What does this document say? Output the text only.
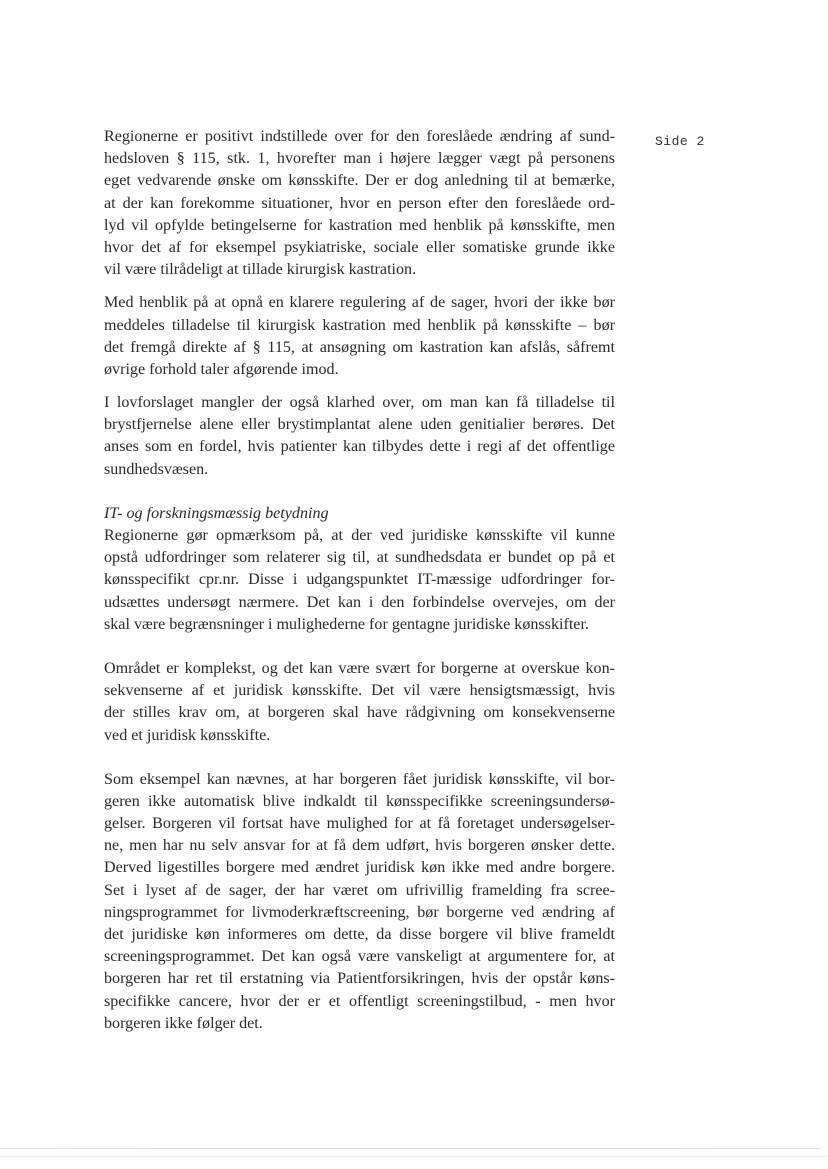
Side 2
Regionerne er positivt indstillede over for den foreslåede ændring af sund-
hedsloven § 115, stk. 1, hvorefter man i højere lægger vægt på personens
eget vedvarende ønske om kønsskifte. Der er dog anledning til at bemærke,
at der kan forekomme situationer, hvor en person efter den foreslåede ord-
lyd vil opfylde betingelserne for kastration med henblik på kønsskifte, men
hvor det af for eksempel psykiatriske, sociale eller somatiske grunde ikke
vil være tilrådeligt at tillade kirurgisk kastration.
Med henblik på at opnå en klarere regulering af de sager, hvori der ikke bør
meddeles tilladelse til kirurgisk kastration med henblik på kønsskifte – bør
det fremgå direkte af § 115, at ansøgning om kastration kan afslås, såfremt
øvrige forhold taler afgørende imod.
I lovforslaget mangler der også klarhed over, om man kan få tilladelse til
brystfjernelse alene eller brystimplantat alene uden genitialier berøres. Det
anses som en fordel, hvis patienter kan tilbydes dette i regi af det offentlige
sundhedsvæsen.
IT- og forskningsmæssig betydning
Regionerne gør opmærksom på, at der ved juridiske kønsskifte vil kunne
opstå udfordringer som relaterer sig til, at sundhedsdata er bundet op på et
kønsspecifikt cpr.nr. Disse i udgangspunktet IT-mæssige udfordringer for-
udsættes undersøgt nærmere. Det kan i den forbindelse overvejes, om der
skal være begrænsninger i mulighederne for gentagne juridiske kønsskifter.
Området er komplekst, og det kan være svært for borgerne at overskue kon-
sekvenserne af et juridisk kønsskifte. Det vil være hensigtsmæssigt, hvis
der stilles krav om, at borgeren skal have rådgivning om konsekvenserne
ved et juridisk kønsskifte.
Som eksempel kan nævnes, at har borgeren fået juridisk kønsskifte, vil bor-
geren ikke automatisk blive indkaldt til kønsspecifikke screeningsundersø-
gelser. Borgeren vil fortsat have mulighed for at få foretaget undersøgelser-
ne, men har nu selv ansvar for at få dem udført, hvis borgeren ønsker dette.
Derved ligestilles borgere med ændret juridisk køn ikke med andre borgere.
Set i lyset af de sager, der har været om ufrivillig framelding fra scree-
ningsprogrammet for livmoderkræftscreening, bør borgerne ved ændring af
det juridiske køn informeres om dette, da disse borgere vil blive frameldt
screeningsprogrammet. Det kan også være vanskeligt at argumentere for, at
borgeren har ret til erstatning via Patientforsikringen, hvis der opstår køns-
specifikke cancere, hvor der er et offentligt screeningstilbud, - men hvor
borgeren ikke følger det.
